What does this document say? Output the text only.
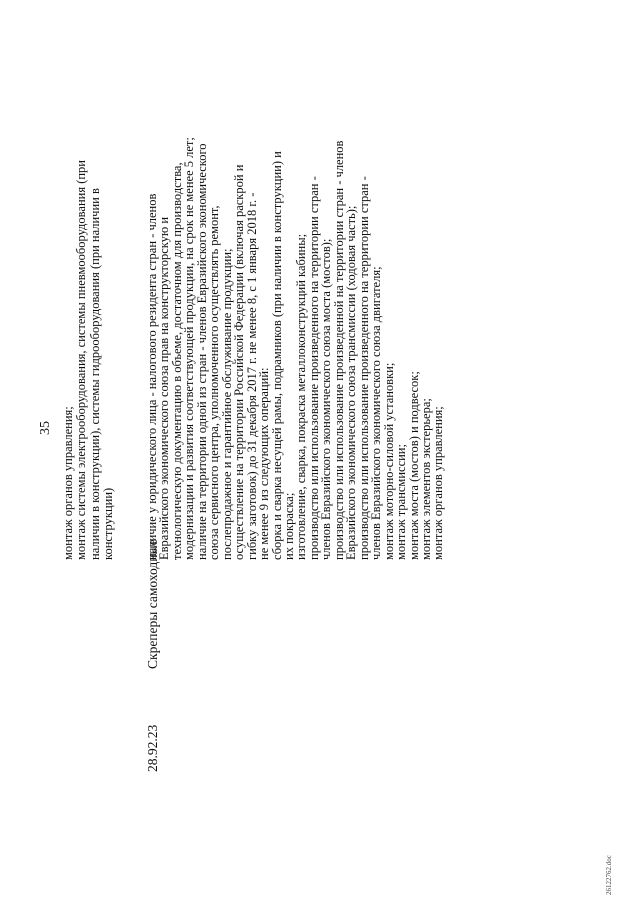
35 монтаж органов управления; монтаж системы электрооборудования, системы пневмооборудования (при наличии в конструкции), системы гидрооборудования (при наличии в конструкции)
28.92.23
Скреперы самоходные
наличие у юридического лица - налогового резидента стран - членов
Евразийского экономического союза прав на конструкторскую и
технологическую документацию в объеме, достаточном для производства,
модернизации и развития соответствующей продукции, на срок не менее 5 лет;
наличие на территории одной из стран - членов Евразийского экономического
союза сервисного центра, уполномоченного осуществлять ремонт,
послепродажное и гарантийное обслуживание продукции;
осуществление на территории Российской Федерации (включая раскрой и
гибку заготовок) до 31 декабря 2017 г. не менее 8, с 1 января 2018 г. -
не менее 9 из следующих операций:
сборка и сварка несущей рамы, подрамников (при наличии в конструкции) и
их покраска;
изготовление, сварка, покраска металлоконструкций кабины;
производство или использование произведенного на территории стран -
членов Евразийского экономического союза моста (мостов);
производство или использование произведенной на территории стран - членов
Евразийского экономического союза трансмиссии (ходовая часть);
производство или использование произведенного на территории стран -
членов Евразийского экономического союза двигателя;
монтаж моторно-силовой установки;
монтаж трансмиссии;
монтаж моста (мостов) и подвесок;
монтаж элементов экстерьера;
монтаж органов управления;
26122762.doc
